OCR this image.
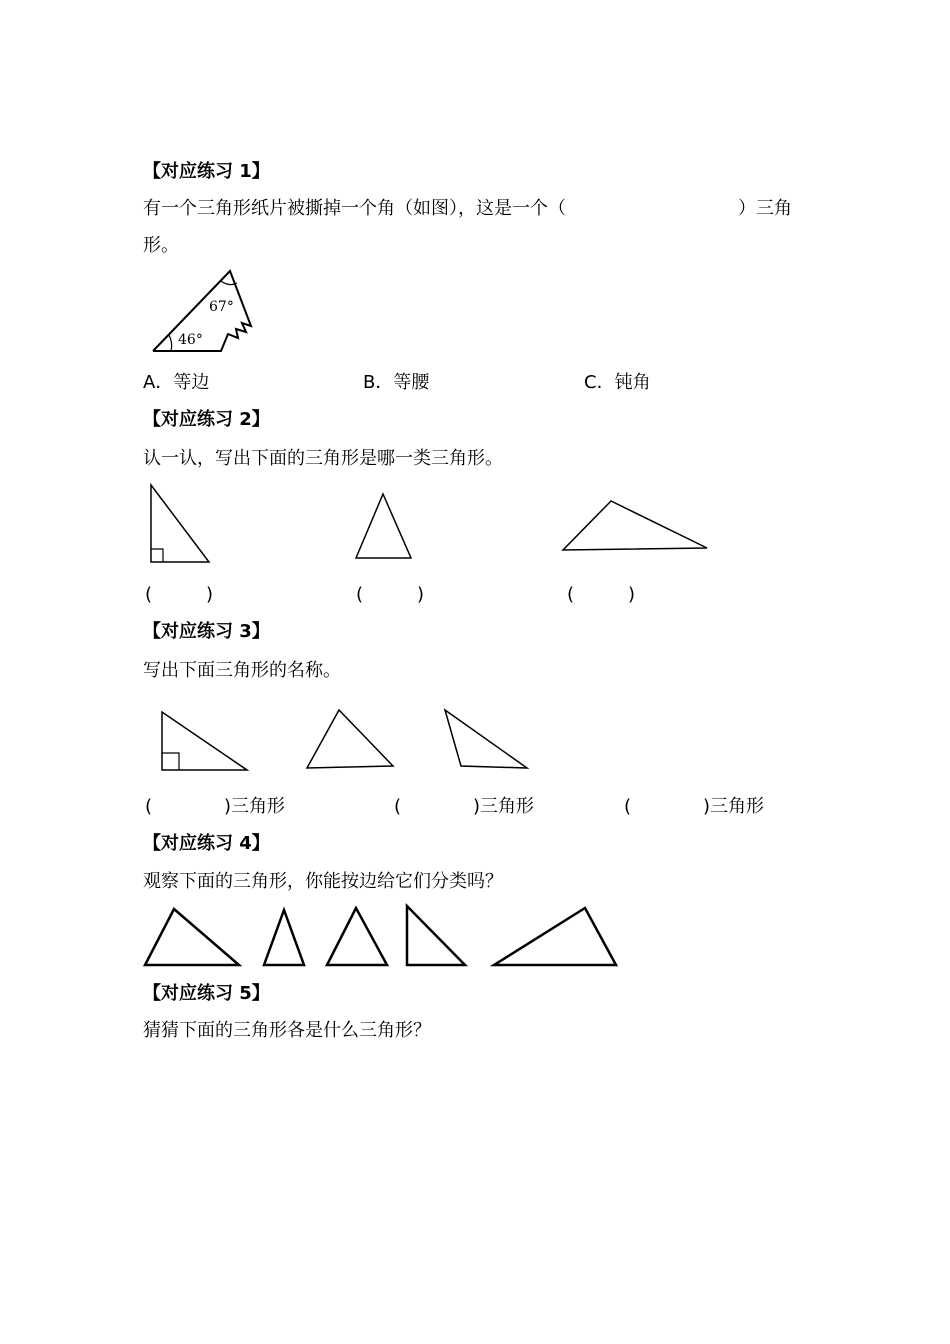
【对应练习 1】
有一个三角形纸片被撕掉一个角（如图），这是一个（	）三角
形。
67°
46°
A．等边	B．等腰	C．钝角
【对应练习 2】
认一认，写出下面的三角形是哪一类三角形。
(　　　)	(　　　)	(　　　)
【对应练习 3】
写出下面三角形的名称。
(　　　　)三角形	(　　　　)三角形	(　　　　)三角形
【对应练习 4】
观察下面的三角形，你能按边给它们分类吗？
【对应练习 5】
猜猜下面的三角形各是什么三角形？
